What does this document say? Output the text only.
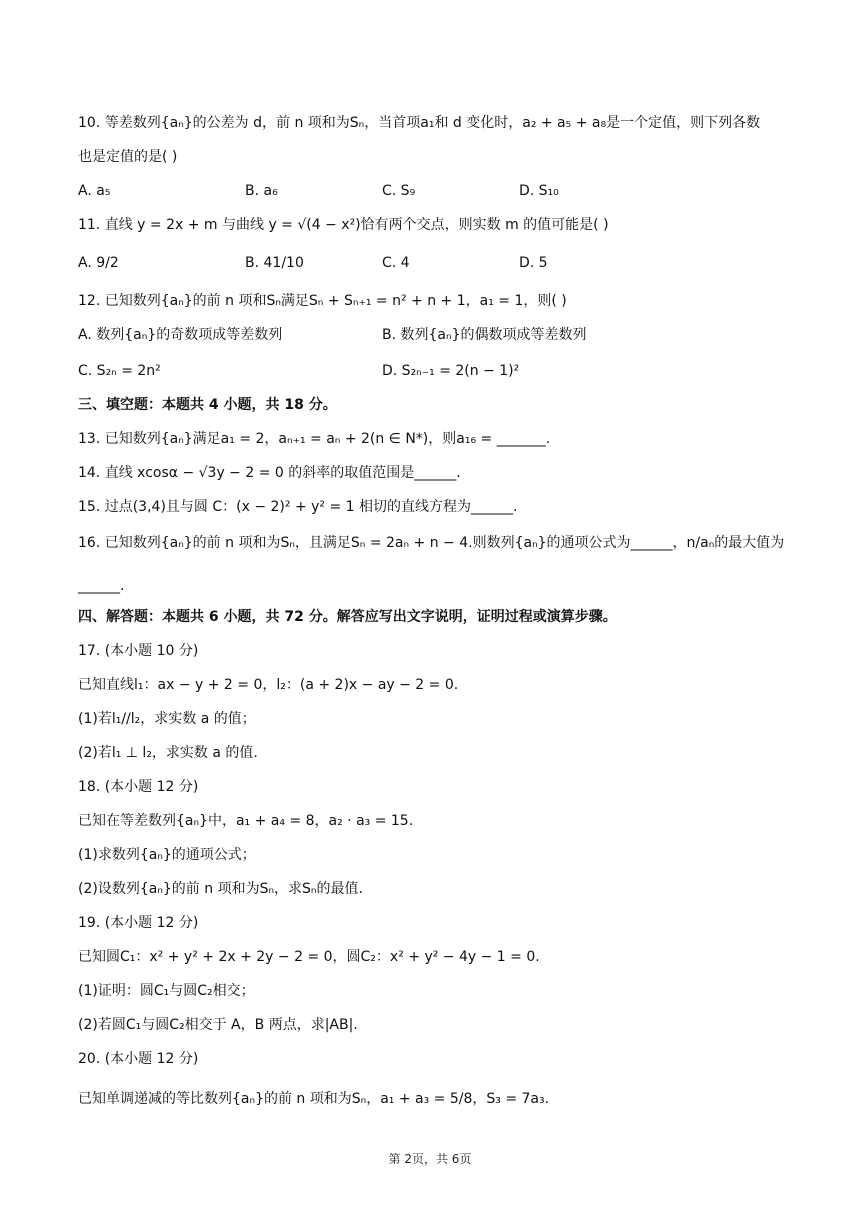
10. 等差数列{aₙ}的公差为 d，前 n 项和为Sₙ，当首项a₁和 d 变化时，a₂ + a₅ + a₈是一个定值，则下列各数
也是定值的是( )
A. a₅	B. a₆	C. S₉	D. S₁₀
11. 直线 y = 2x + m 与曲线 y = √(4 − x²)恰有两个交点，则实数 m 的值可能是( )
A. 9/2	B. 41/10	C. 4	D. 5
12. 已知数列{aₙ}的前 n 项和Sₙ满足Sₙ + Sₙ₊₁ = n² + n + 1，a₁ = 1，则( )
A. 数列{aₙ}的奇数项成等差数列	B. 数列{aₙ}的偶数项成等差数列
C. S₂ₙ = 2n²	D. S₂ₙ₋₁ = 2(n − 1)²
三、填空题：本题共 4 小题，共 18 分。
13. 已知数列{aₙ}满足a₁ = 2，aₙ₊₁ = aₙ + 2(n ∈ N*)，则a₁₆ = _______.
14. 直线 xcosα − √3y − 2 = 0 的斜率的取值范围是______.
15. 过点(3,4)且与圆 C：(x − 2)² + y² = 1 相切的直线方程为______.
16. 已知数列{aₙ}的前 n 项和为Sₙ，且满足Sₙ = 2aₙ + n − 4.则数列{aₙ}的通项公式为______，n/aₙ的最大值为
______.
四、解答题：本题共 6 小题，共 72 分。解答应写出文字说明，证明过程或演算步骤。
17. (本小题 10 分)
已知直线l₁：ax − y + 2 = 0，l₂：(a + 2)x − ay − 2 = 0.
(1)若l₁//l₂，求实数 a 的值；
(2)若l₁ ⊥ l₂，求实数 a 的值.
18. (本小题 12 分)
已知在等差数列{aₙ}中，a₁ + a₄ = 8，a₂ · a₃ = 15.
(1)求数列{aₙ}的通项公式；
(2)设数列{aₙ}的前 n 项和为Sₙ，求Sₙ的最值.
19. (本小题 12 分)
已知圆C₁：x² + y² + 2x + 2y − 2 = 0，圆C₂：x² + y² − 4y − 1 = 0.
(1)证明：圆C₁与圆C₂相交；
(2)若圆C₁与圆C₂相交于 A，B 两点，求|AB|.
20. (本小题 12 分)
已知单调递减的等比数列{aₙ}的前 n 项和为Sₙ，a₁ + a₃ = 5/8，S₃ = 7a₃.
第 2页，共 6页
